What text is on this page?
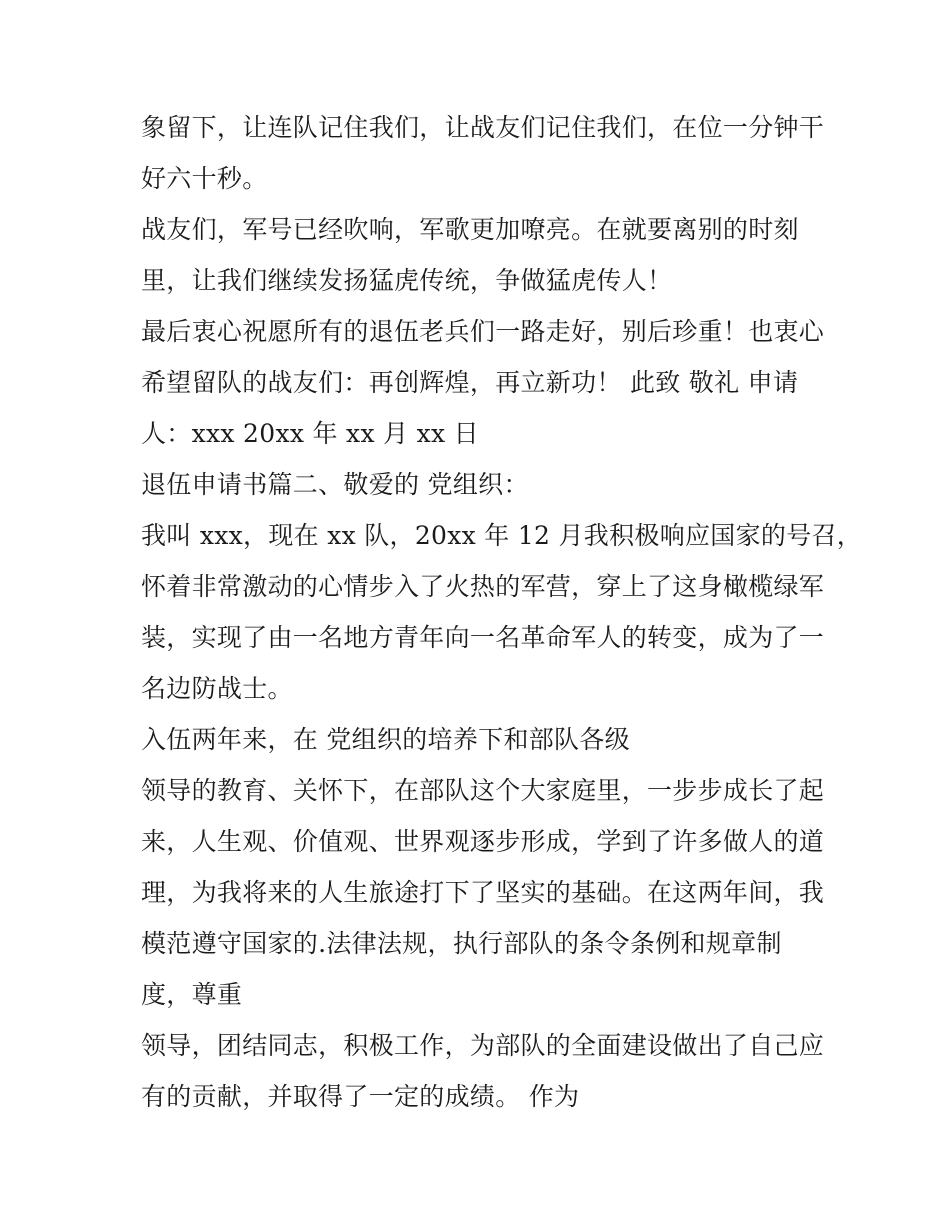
象留下，让连队记住我们，让战友们记住我们，在位一分钟干
好六十秒。
战友们，军号已经吹响，军歌更加嘹亮。在就要离别的时刻
里，让我们继续发扬猛虎传统，争做猛虎传人！
最后衷心祝愿所有的退伍老兵们一路走好，别后珍重！也衷心
希望留队的战友们：再创辉煌，再立新功！ 此致 敬礼 申请
人：xxx 20xx 年 xx 月 xx 日
退伍申请书篇二、敬爱的 党组织：
我叫 xxx，现在 xx 队，20xx 年 12 月我积极响应国家的号召，
怀着非常激动的心情步入了火热的军营，穿上了这身橄榄绿军
装，实现了由一名地方青年向一名革命军人的转变，成为了一
名边防战士。
入伍两年来，在 党组织的培养下和部队各级
领导的教育、关怀下，在部队这个大家庭里，一步步成长了起
来，人生观、价值观、世界观逐步形成，学到了许多做人的道
理，为我将来的人生旅途打下了坚实的基础。在这两年间，我
模范遵守国家的.法律法规，执行部队的条令条例和规章制
度，尊重
领导，团结同志，积极工作，为部队的全面建设做出了自己应
有的贡献，并取得了一定的成绩。 作为
